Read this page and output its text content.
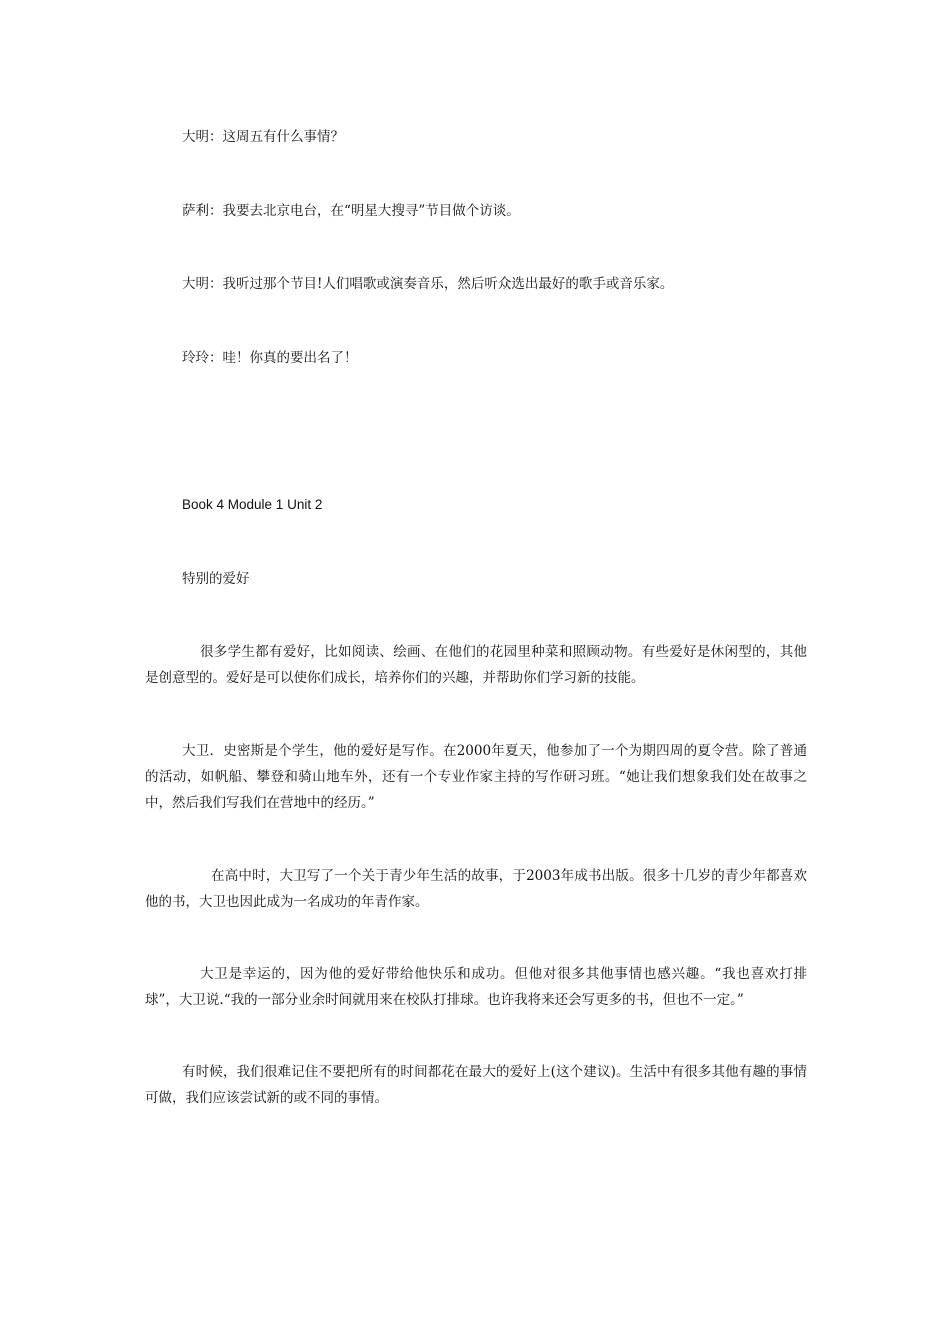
大明：这周五有什么事情？
萨利：我要去北京电台，在“明星大搜寻”节目做个访谈。
大明：我听过那个节目!人们唱歌或演奏音乐，然后听众选出最好的歌手或音乐家。
玲玲：哇！你真的要出名了！
Book 4 Module 1 Unit 2
特别的爱好

很多学生都有爱好，比如阅读、绘画、在他们的花园里种菜和照顾动物。有些爱好是休闲型的，其他是创意型的。爱好是可以使你们成长，培养你们的兴趣，并帮助你们学习新的技能。

大卫．史密斯是个学生，他的爱好是写作。在2000年夏天，他参加了一个为期四周的夏令营。除了普通的活动，如帆船、攀登和骑山地车外，还有一个专业作家主持的写作研习班。“她让我们想象我们处在故事之中，然后我们写我们在营地中的经历。”

在高中时，大卫写了一个关于青少年生活的故事，于2003年成书出版。很多十几岁的青少年都喜欢他的书，大卫也因此成为一名成功的年青作家。

大卫是幸运的，因为他的爱好带给他快乐和成功。但他对很多其他事情也感兴趣。“我也喜欢打排球”，大卫说.“我的一部分业余时间就用来在校队打排球。也许我将来还会写更多的书，但也不一定。”

有时候，我们很难记住不要把所有的时间都花在最大的爱好上(这个建议)。生活中有很多其他有趣的事情可做，我们应该尝试新的或不同的事情。
